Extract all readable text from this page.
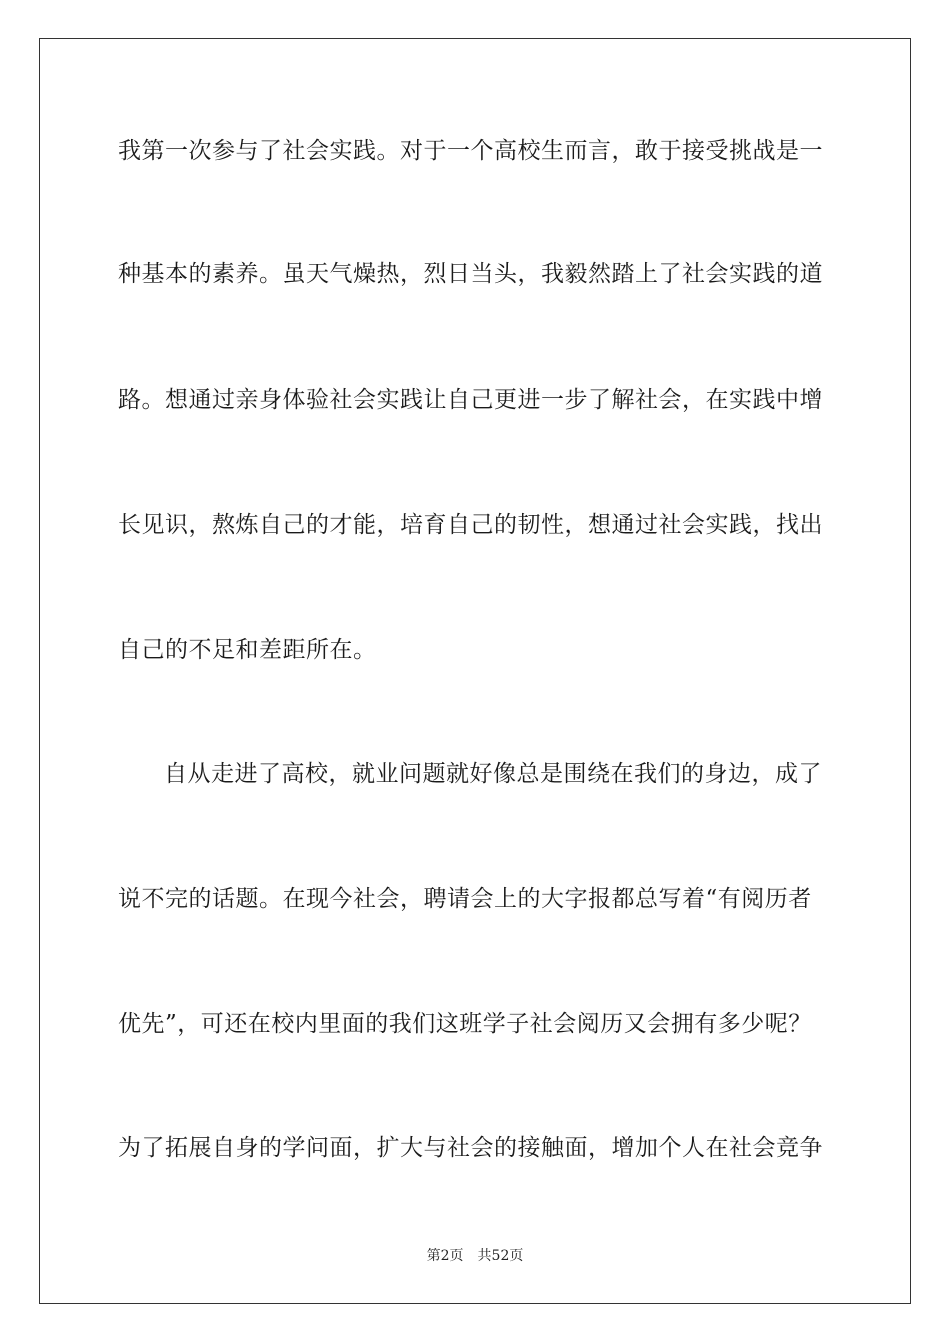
我第一次参与了社会实践。对于一个高校生而言，敢于接受挑战是一
种基本的素养。虽天气燥热，烈日当头，我毅然踏上了社会实践的道
路。想通过亲身体验社会实践让自己更进一步了解社会，在实践中增
长见识，熬炼自己的才能，培育自己的韧性，想通过社会实践，找出
自己的不足和差距所在。
自从走进了高校，就业问题就好像总是围绕在我们的身边，成了
说不完的话题。在现今社会，聘请会上的大字报都总写着“有阅历者
优先”，可还在校内里面的我们这班学子社会阅历又会拥有多少呢？
为了拓展自身的学问面，扩大与社会的接触面，增加个人在社会竞争
第2页 共52页
